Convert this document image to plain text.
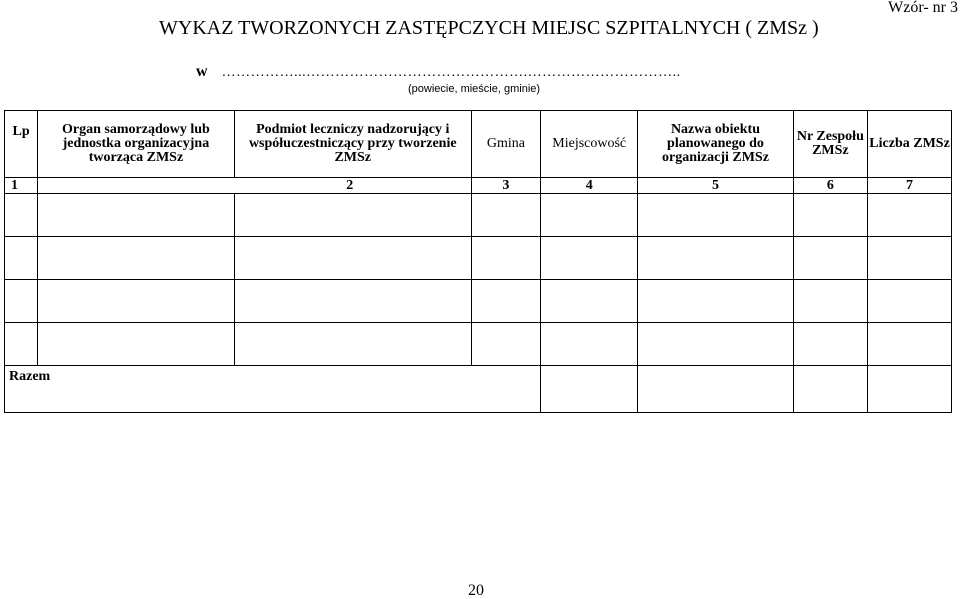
Wzór- nr 3
WYKAZ TWORZONYCH ZASTĘPCZYCH MIEJSC SZPITALNYCH ( ZMSz )
w ……………...……………………………………….…………………………..
(powiecie, mieście, gminie)
Lp	Organ samorządowy lub jednostka organizacyjna tworząca ZMSz	Podmiot leczniczy nadzorujący i współuczestniczący przy tworzenie ZMSz	Gmina	Miejscowość	Nazwa obiektu planowanego do organizacji ZMSz	Nr Zespołu ZMSz	Liczba ZMSz
1		2	3	4	5	6	7

Razem							
20
